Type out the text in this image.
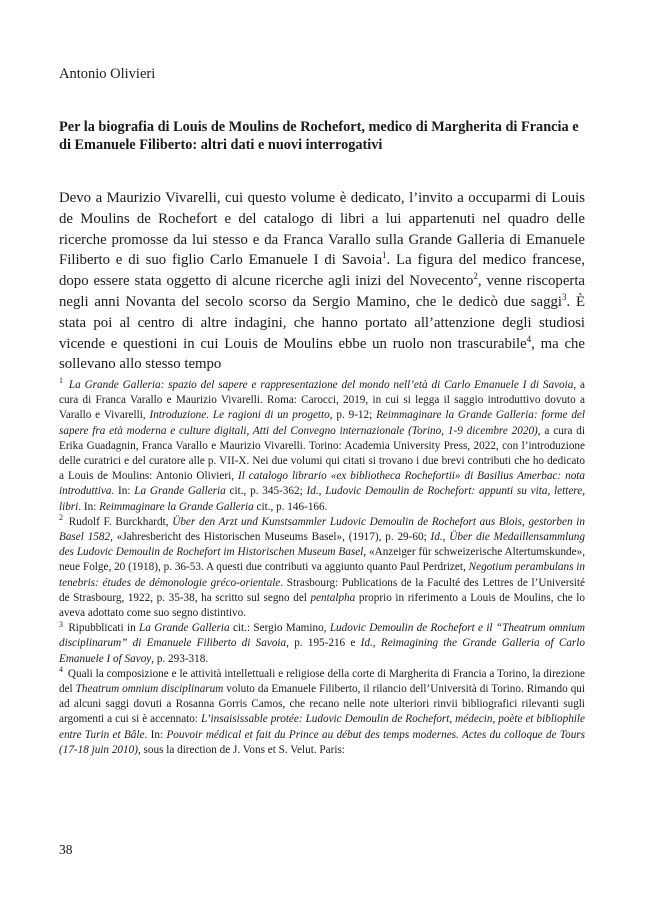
Antonio Olivieri
Per la biografia di Louis de Moulins de Rochefort, medico di Margherita di Francia e di Emanuele Filiberto: altri dati e nuovi interrogativi
Devo a Maurizio Vivarelli, cui questo volume è dedicato, l’invito a occuparmi di Louis de Moulins de Rochefort e del catalogo di libri a lui appartenuti nel quadro delle ricerche promosse da lui stesso e da Franca Varallo sulla Grande Galleria di Emanuele Filiberto e di suo figlio Carlo Emanuele I di Savoia$^1$. La figura del medico francese, dopo essere stata oggetto di alcune ricerche agli inizi del Novecento$^2$, venne riscoperta negli anni Novanta del secolo scorso da Sergio Mamino, che le dedicò due saggi$^3$. È stata poi al centro di altre indagini, che hanno portato all’attenzione degli studiosi vicende e questioni in cui Louis de Moulins ebbe un ruolo non trascurabile$^4$, ma che sollevano allo stesso tempo

$^1$ La Grande Galleria: spazio del sapere e rappresentazione del mondo nell’età di Carlo Emanuele I di Savoia, a cura di Franca Varallo e Maurizio Vivarelli. Roma: Carocci, 2019, in cui si legga il saggio introduttivo dovuto a Varallo e Vivarelli, Introduzione. Le ragioni di un progetto, p. 9-12; Reimmaginare la Grande Galleria: forme del sapere fra età moderna e culture digitali, Atti del Convegno internazionale (Torino, 1-9 dicembre 2020), a cura di Erika Guadagnin, Franca Varallo e Maurizio Vivarelli. Torino: Academia University Press, 2022, con l’introduzione delle curatrici e del curatore alle p. VII-X. Nei due volumi qui citati si trovano i due brevi contributi che ho dedicato a Louis de Moulins: Antonio Olivieri, Il catalogo librario «ex bibliotheca Rochefortii» di Basilius Amerbac: nota introduttiva. In: La Grande Galleria cit., p. 345-362; Id., Ludovic Demoulin de Rochefort: appunti su vita, lettere, libri. In: Reimmaginare la Grande Galleria cit., p. 146-166.

$^2$ Rudolf F. Burckhardt, Über den Arzt und Kunstsammler Ludovic Demoulin de Rochefort aus Blois, gestorben in Basel 1582, «Jahresbericht des Historischen Museums Basel», (1917), p. 29-60; Id., Über die Medaillensammlung des Ludovic Demoulin de Rochefort im Historischen Museum Basel, «Anzeiger für schweizerische Altertumskunde», neue Folge, 20 (1918), p. 36-53. A questi due contributi va aggiunto quanto Paul Perdrizet, Negotium perambulans in tenebris: études de démonologie gréco-orientale. Strasbourg: Publications de la Faculté des Lettres de l’Université de Strasbourg, 1922, p. 35-38, ha scritto sul segno del pentalpha proprio in riferimento a Louis de Moulins, che lo aveva adottato come suo segno distintivo.

$^3$ Ripubblicati in La Grande Galleria cit.: Sergio Mamino, Ludovic Demoulin de Rochefort e il “Theatrum omnium disciplinarum” di Emanuele Filiberto di Savoia, p. 195-216 e Id., Reimagining the Grande Galleria of Carlo Emanuele I of Savoy, p. 293-318.

$^4$ Quali la composizione e le attività intellettuali e religiose della corte di Margherita di Francia a Torino, la direzione del Theatrum omnium disciplinarum voluto da Emanuele Filiberto, il rilancio dell’Università di Torino. Rimando qui ad alcuni saggi dovuti a Rosanna Gorris Camos, che recano nelle note ulteriori rinvii bibliografici rilevanti sugli argomenti a cui si è accennato: L’insaisissable protée: Ludovic Demoulin de Rochefort, médecin, poète et bibliophile entre Turin et Bâle. In: Pouvoir médical et fait du Prince au début des temps modernes. Actes du colloque de Tours (17-18 juin 2010), sous la direction de J. Vons et S. Velut. Paris:

38
